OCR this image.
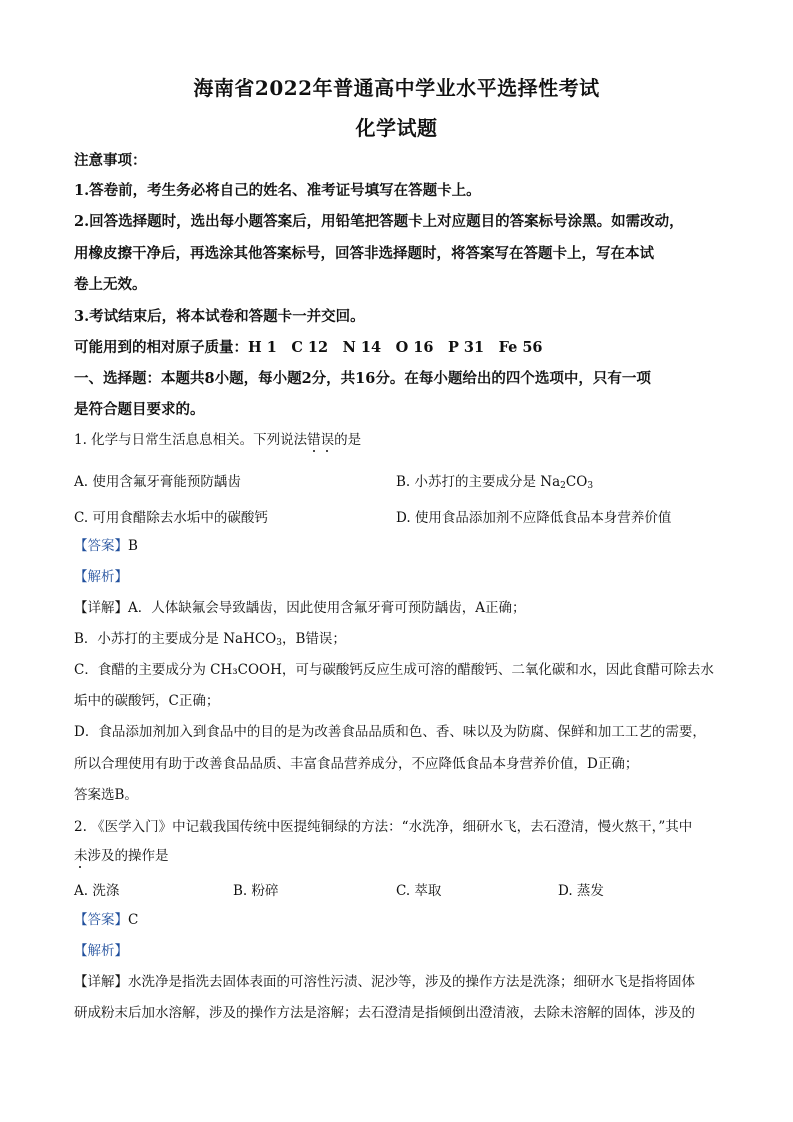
海南省2022年普通高中学业水平选择性考试
化学试题
注意事项：
1.答卷前，考生务必将自己的姓名、准考证号填写在答题卡上。
2.回答选择题时，选出每小题答案后，用铅笔把答题卡上对应题目的答案标号涂黑。如需改动，
用橡皮擦干净后，再选涂其他答案标号，回答非选择题时，将答案写在答题卡上，写在本试
卷上无效。
3.考试结束后，将本试卷和答题卡一并交回。
可能用到的相对原子质量：H 1　C 12　N 14　O 16　P 31　Fe 56
一、选择题：本题共8小题，每小题2分，共16分。在每小题给出的四个选项中，只有一项
是符合题目要求的。
1. 化学与日常生活息息相关。下列说法错误的是
A. 使用含氟牙膏能预防龋齿	B. 小苏打的主要成分是 $Na_2CO_3$
C. 可用食醋除去水垢中的碳酸钙	D. 使用食品添加剂不应降低食品本身营养价值
【答案】B
【解析】
【详解】A．人体缺氟会导致龋齿，因此使用含氟牙膏可预防龋齿，A正确；
B．小苏打的主要成分是 NaHCO$_3$，B错误；
C．食醋的主要成分为 CH₃COOH，可与碳酸钙反应生成可溶的醋酸钙、二氧化碳和水，因此食醋可除去水
垢中的碳酸钙，C正确；
D．食品添加剂加入到食品中的目的是为改善食品品质和色、香、味以及为防腐、保鲜和加工工艺的需要，
所以合理使用有助于改善食品品质、丰富食品营养成分，不应降低食品本身营养价值，D正确；
答案选B。
2. 《医学入门》中记载我国传统中医提纯铜绿的方法：“水洗净，细研水飞，去石澄清，慢火熬干，”其中
未涉及的操作是
A. 洗涤	B. 粉碎	C. 萃取	D. 蒸发
【答案】C
【解析】
【详解】水洗净是指洗去固体表面的可溶性污渍、泥沙等，涉及的操作方法是洗涤；细研水飞是指将固体
研成粉末后加水溶解，涉及的操作方法是溶解；去石澄清是指倾倒出澄清液，去除未溶解的固体，涉及的
